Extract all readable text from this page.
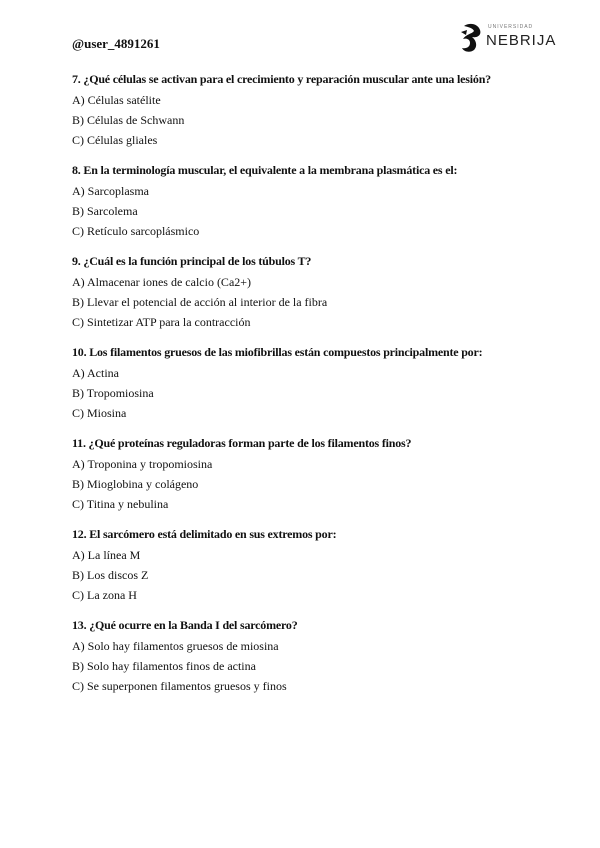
@user_4891261
UNIVERSIDAD
NEBRIJA
7. ¿Qué células se activan para el crecimiento y reparación muscular ante una lesión?
A) Células satélite
B) Células de Schwann
C) Células gliales
8. En la terminología muscular, el equivalente a la membrana plasmática es el:
A) Sarcoplasma
B) Sarcolema
C) Retículo sarcoplásmico
9. ¿Cuál es la función principal de los túbulos T?
A) Almacenar iones de calcio (Ca2+)
B) Llevar el potencial de acción al interior de la fibra
C) Sintetizar ATP para la contracción
10. Los filamentos gruesos de las miofibrillas están compuestos principalmente por:
A) Actina
B) Tropomiosina
C) Miosina
11. ¿Qué proteínas reguladoras forman parte de los filamentos finos?
A) Troponina y tropomiosina
B) Mioglobina y colágeno
C) Titina y nebulina
12. El sarcómero está delimitado en sus extremos por:
A) La línea M
B) Los discos Z
C) La zona H
13. ¿Qué ocurre en la Banda I del sarcómero?
A) Solo hay filamentos gruesos de miosina
B) Solo hay filamentos finos de actina
C) Se superponen filamentos gruesos y finos
